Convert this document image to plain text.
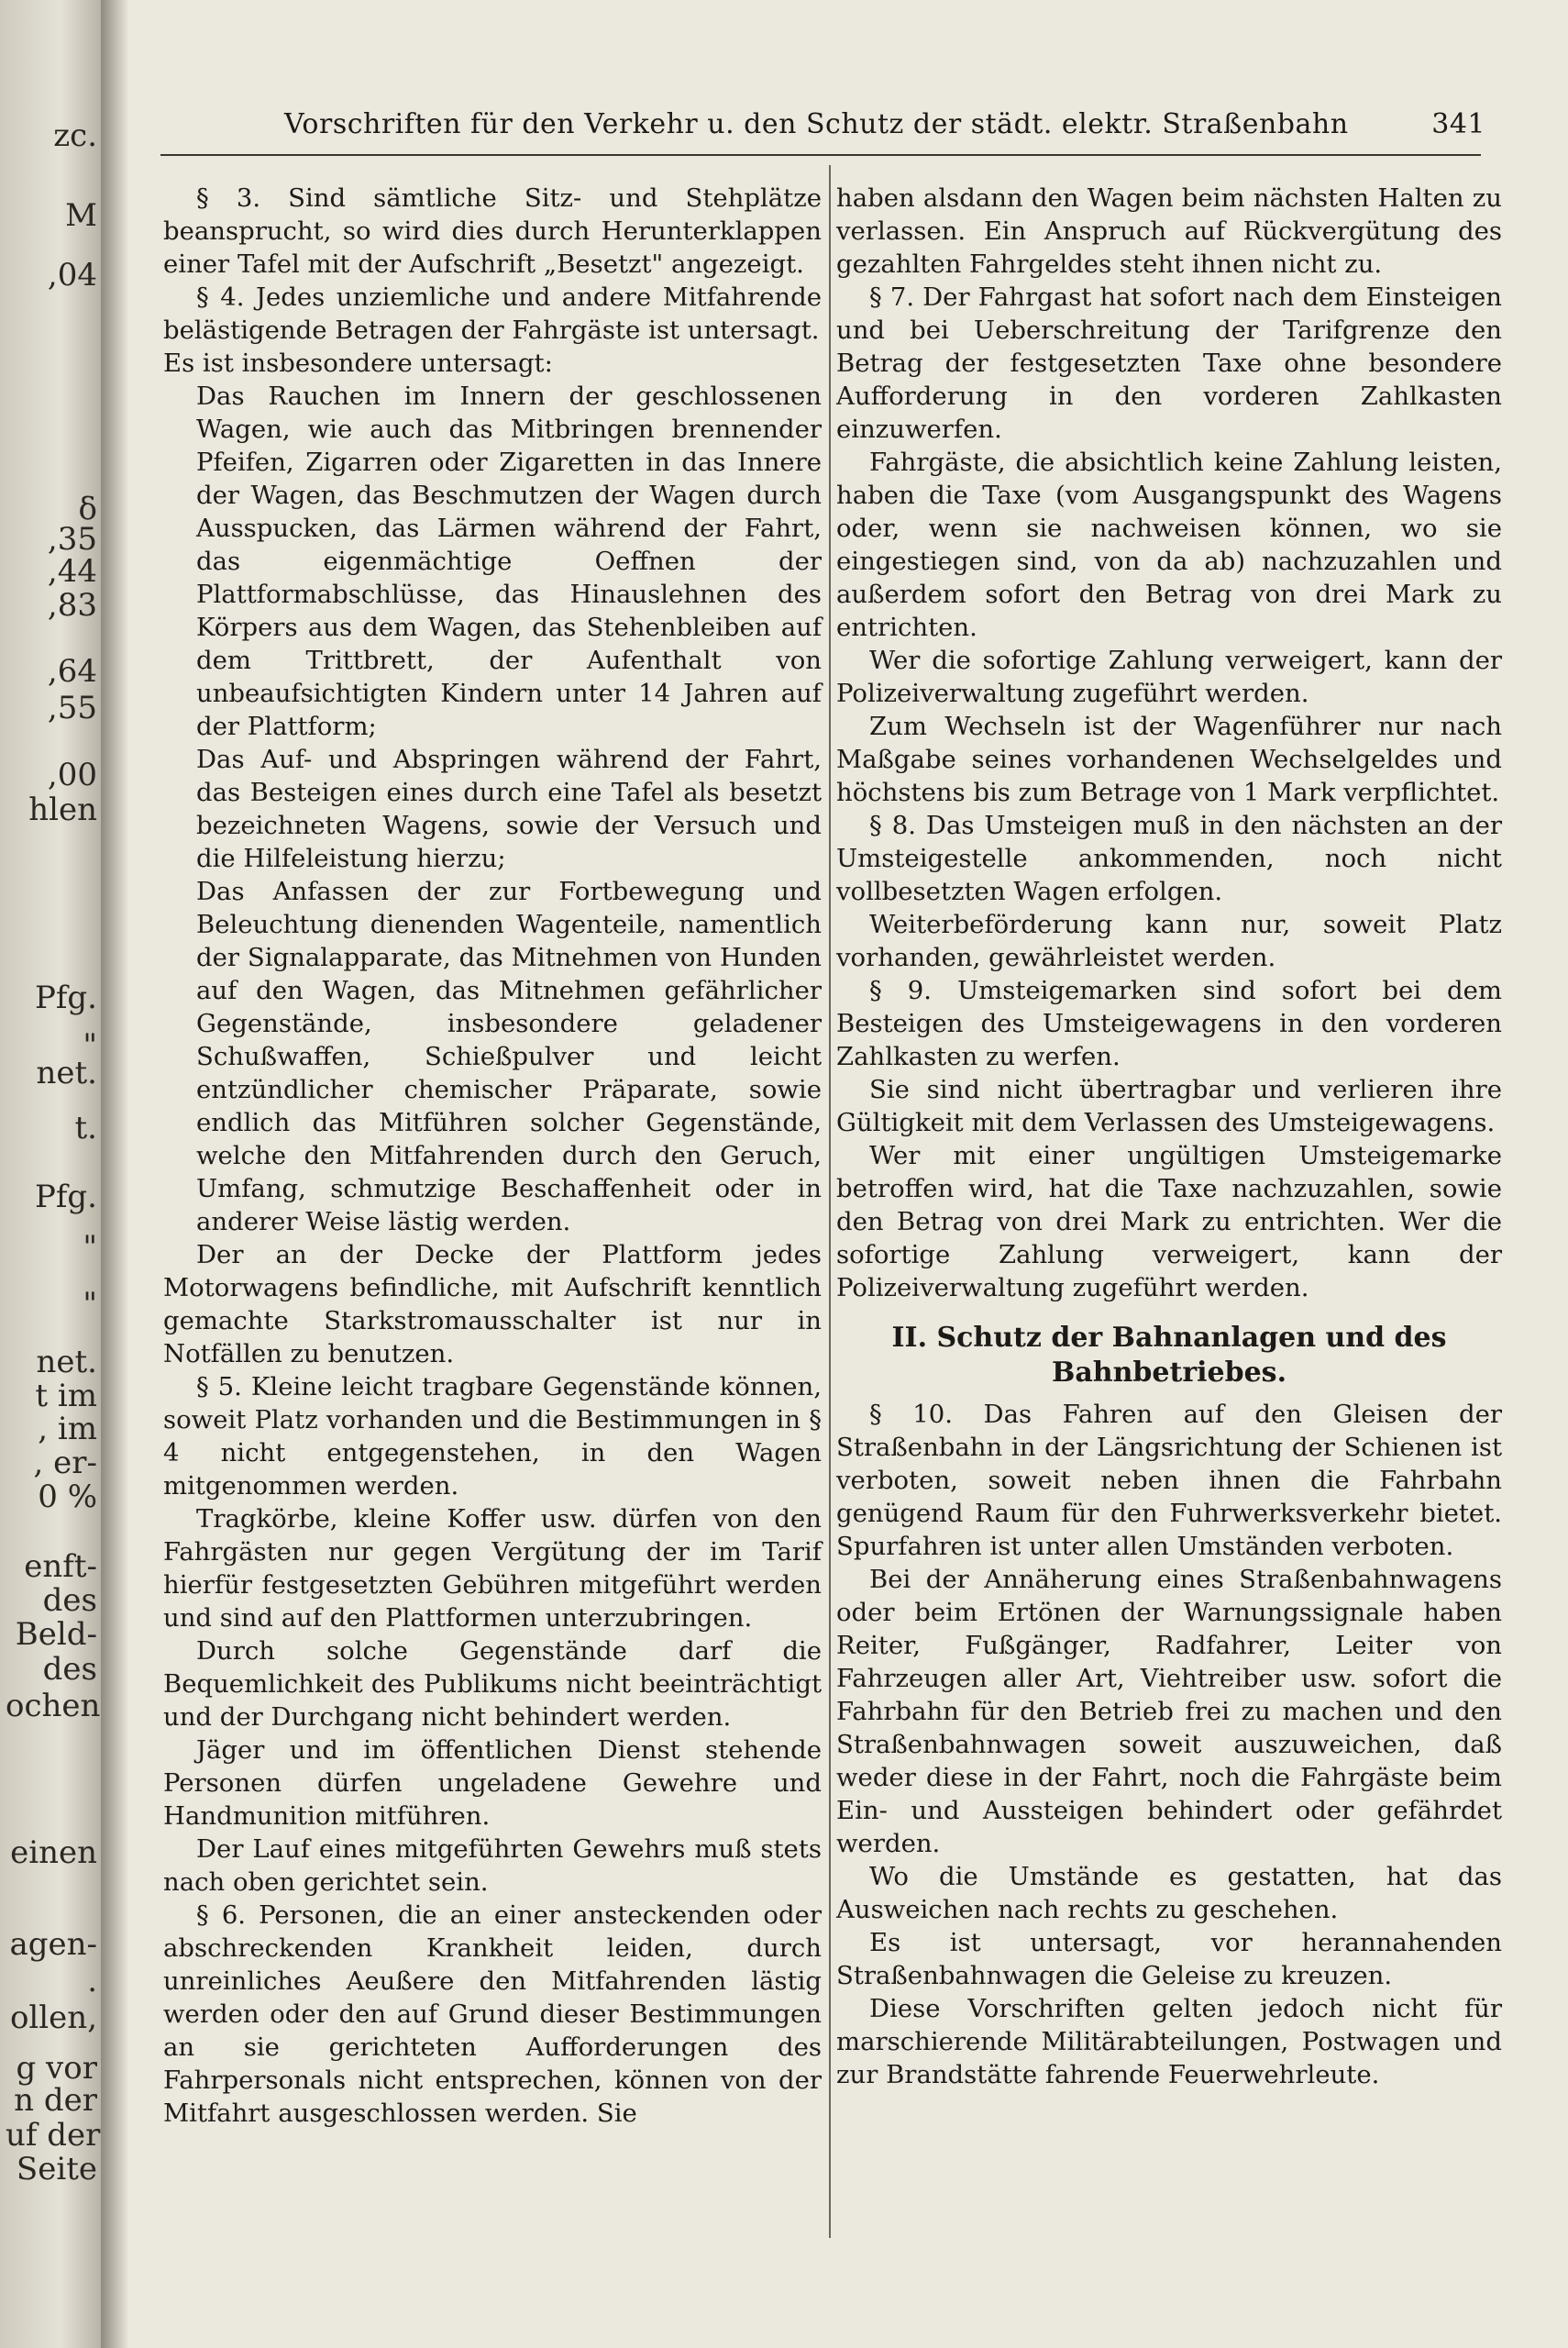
zc.
M
,04
δ
,35
,44
,83
,64
,55
,00
hlen
Pfg.
"
net.
t.
Pfg.
"
"
net.
t im
, im
, er-
0 %
enft-
des
Beld-
des
ochen
einen
agen-
.
ollen,
g vor
n der
uf der
Seite
Vorschriften für den Verkehr u. den Schutz der städt. elektr. Straßenbahn	341

§ 3. Sind sämtliche Sitz- und Stehplätze beansprucht, so wird dies durch Herunterklappen einer Tafel mit der Aufschrift „Besetzt" angezeigt.

§ 4. Jedes unziemliche und andere Mitfahrende belästigende Betragen der Fahrgäste ist untersagt.

Es ist insbesondere untersagt:

Das Rauchen im Innern der geschlossenen Wagen, wie auch das Mitbringen brennender Pfeifen, Zigarren oder Zigaretten in das Innere der Wagen, das Beschmutzen der Wagen durch Ausspucken, das Lärmen während der Fahrt, das eigenmächtige Oeffnen der Plattformabschlüsse, das Hinauslehnen des Körpers aus dem Wagen, das Stehenbleiben auf dem Trittbrett, der Aufenthalt von unbeaufsichtigten Kindern unter 14 Jahren auf der Plattform;

Das Auf- und Abspringen während der Fahrt, das Besteigen eines durch eine Tafel als besetzt bezeichneten Wagens, sowie der Versuch und die Hilfeleistung hierzu;

Das Anfassen der zur Fortbewegung und Beleuchtung dienenden Wagenteile, namentlich der Signalapparate, das Mitnehmen von Hunden auf den Wagen, das Mitnehmen gefährlicher Gegenstände, insbesondere geladener Schußwaffen, Schießpulver und leicht entzündlicher chemischer Präparate, sowie endlich das Mitführen solcher Gegenstände, welche den Mitfahrenden durch den Geruch, Umfang, schmutzige Beschaffenheit oder in anderer Weise lästig werden.

Der an der Decke der Plattform jedes Motorwagens befindliche, mit Aufschrift kenntlich gemachte Starkstromausschalter ist nur in Notfällen zu benutzen.

§ 5. Kleine leicht tragbare Gegenstände können, soweit Platz vorhanden und die Bestimmungen in § 4 nicht entgegenstehen, in den Wagen mitgenommen werden.

Tragkörbe, kleine Koffer usw. dürfen von den Fahrgästen nur gegen Vergütung der im Tarif hierfür festgesetzten Gebühren mitgeführt werden und sind auf den Plattformen unterzubringen.

Durch solche Gegenstände darf die Bequemlichkeit des Publikums nicht beeinträchtigt und der Durchgang nicht behindert werden.

Jäger und im öffentlichen Dienst stehende Personen dürfen ungeladene Gewehre und Handmunition mitführen.

Der Lauf eines mitgeführten Gewehrs muß stets nach oben gerichtet sein.

§ 6. Personen, die an einer ansteckenden oder abschreckenden Krankheit leiden, durch unreinliches Aeußere den Mitfahrenden lästig werden oder den auf Grund dieser Bestimmungen an sie gerichteten Aufforderungen des Fahrpersonals nicht entsprechen, können von der Mitfahrt ausgeschlossen werden. Sie

haben alsdann den Wagen beim nächsten Halten zu verlassen. Ein Anspruch auf Rückvergütung des gezahlten Fahrgeldes steht ihnen nicht zu.

§ 7. Der Fahrgast hat sofort nach dem Einsteigen und bei Ueberschreitung der Tarifgrenze den Betrag der festgesetzten Taxe ohne besondere Aufforderung in den vorderen Zahlkasten einzuwerfen.

Fahrgäste, die absichtlich keine Zahlung leisten, haben die Taxe (vom Ausgangspunkt des Wagens oder, wenn sie nachweisen können, wo sie eingestiegen sind, von da ab) nachzuzahlen und außerdem sofort den Betrag von drei Mark zu entrichten.

Wer die sofortige Zahlung verweigert, kann der Polizeiverwaltung zugeführt werden.

Zum Wechseln ist der Wagenführer nur nach Maßgabe seines vorhandenen Wechselgeldes und höchstens bis zum Betrage von 1 Mark verpflichtet.

§ 8. Das Umsteigen muß in den nächsten an der Umsteigestelle ankommenden, noch nicht vollbesetzten Wagen erfolgen.

Weiterbeförderung kann nur, soweit Platz vorhanden, gewährleistet werden.

§ 9. Umsteigemarken sind sofort bei dem Besteigen des Umsteigewagens in den vorderen Zahlkasten zu werfen.

Sie sind nicht übertragbar und verlieren ihre Gültigkeit mit dem Verlassen des Umsteigewagens.

Wer mit einer ungültigen Umsteigemarke betroffen wird, hat die Taxe nachzuzahlen, sowie den Betrag von drei Mark zu entrichten. Wer die sofortige Zahlung verweigert, kann der Polizeiverwaltung zugeführt werden.

II. Schutz der Bahnanlagen und des Bahnbetriebes.

§ 10. Das Fahren auf den Gleisen der Straßenbahn in der Längsrichtung der Schienen ist verboten, soweit neben ihnen die Fahrbahn genügend Raum für den Fuhrwerksverkehr bietet. Spurfahren ist unter allen Umständen verboten.

Bei der Annäherung eines Straßenbahnwagens oder beim Ertönen der Warnungssignale haben Reiter, Fußgänger, Radfahrer, Leiter von Fahrzeugen aller Art, Viehtreiber usw. sofort die Fahrbahn für den Betrieb frei zu machen und den Straßenbahnwagen soweit auszuweichen, daß weder diese in der Fahrt, noch die Fahrgäste beim Ein- und Aussteigen behindert oder gefährdet werden.

Wo die Umstände es gestatten, hat das Ausweichen nach rechts zu geschehen.

Es ist untersagt, vor herannahenden Straßenbahnwagen die Geleise zu kreuzen.

Diese Vorschriften gelten jedoch nicht für marschierende Militärabteilungen, Postwagen und zur Brandstätte fahrende Feuerwehrleute.
